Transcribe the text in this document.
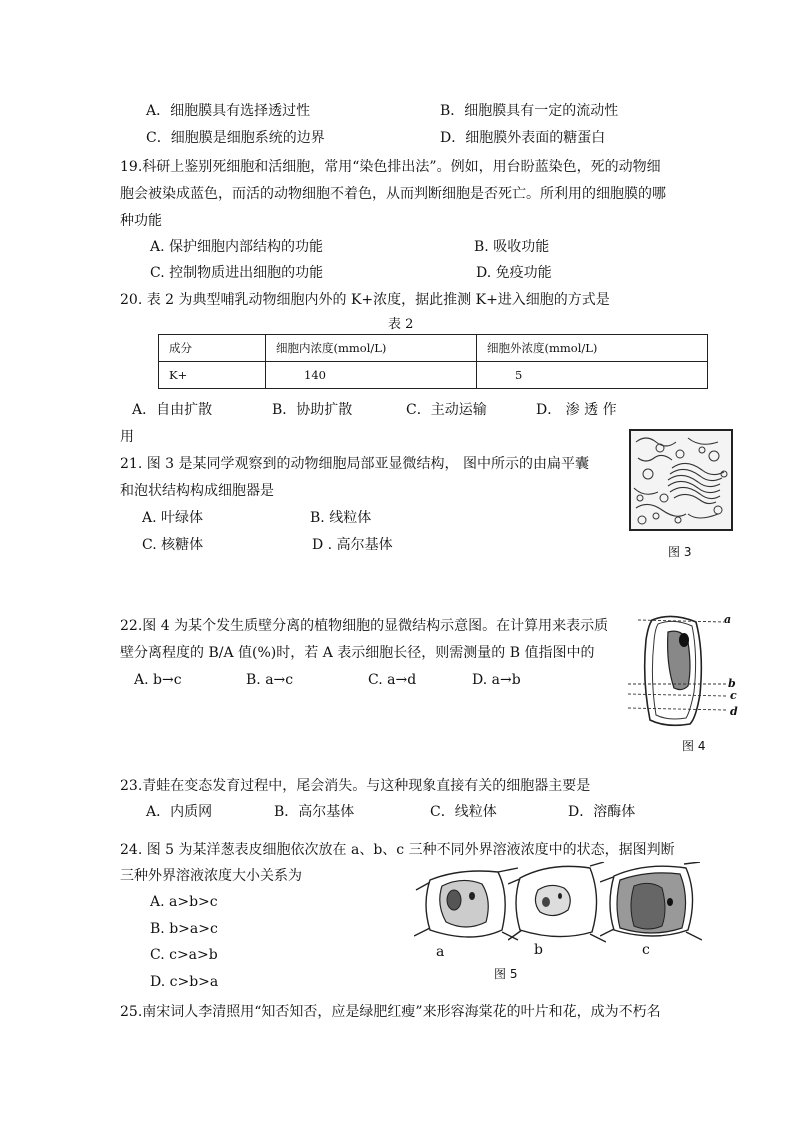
A．细胞膜具有选择透过性	B．细胞膜具有一定的流动性
C．细胞膜是细胞系统的边界	D．细胞膜外表面的糖蛋白
19.科研上鉴别死细胞和活细胞，常用“染色排出法”。例如，用台盼蓝染色，死的动物细
胞会被染成蓝色，而活的动物细胞不着色，从而判断细胞是否死亡。所利用的细胞膜的哪
种功能
A. 保护细胞内部结构的功能	B. 吸收功能
C. 控制物质进出细胞的功能	D. 免疫功能
20. 表 2 为典型哺乳动物细胞内外的 K+浓度，据此推测 K+进入细胞的方式是
表 2
成分	细胞内浓度(mmol/L)	细胞外浓度(mmol/L)
K+	140	5
A．自由扩散	B．协助扩散	C．主动运输	D． 渗 透 作
用
21. 图 3 是某同学观察到的动物细胞局部亚显微结构， 图中所示的由扁平囊
和泡状结构构成细胞器是
A. 叶绿体	B. 线粒体
C. 核糖体	D . 高尔基体	图 3
22.图 4 为某个发生质壁分离的植物细胞的显微结构示意图。在计算用来表示质
壁分离程度的 B/A 值(%)时，若 A 表示细胞长径，则需测量的 B 值指图中的
A. b→c	B. a→c	C. a→d	D. a→b
a
b
c
d
图 4
23.青蛙在变态发育过程中，尾会消失。与这种现象直接有关的细胞器主要是
A．内质网	B．高尔基体	C．线粒体	D．溶酶体
24. 图 5 为某洋葱表皮细胞依次放在 a、b、c 三种不同外界溶液浓度中的状态，据图判断
三种外界溶液浓度大小关系为
A. a>b>c
B. b>a>c
C. c>a>b
D. c>b>a
a	b	c
图 5
25.南宋词人李清照用“知否知否，应是绿肥红瘦”来形容海棠花的叶片和花，成为不朽名
